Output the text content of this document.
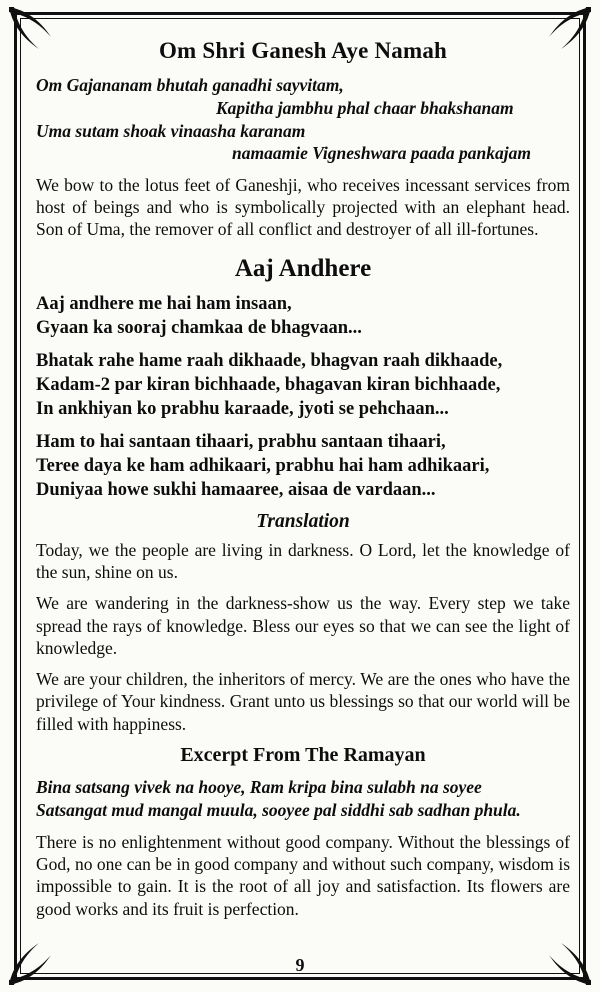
Om Shri Ganesh Aye Namah
Om Gajananam bhutah ganadhi sayvitam,
Kapitha jambhu phal chaar bhakshanam
Uma sutam shoak vinaasha karanam
namaamie Vigneshwara paada pankajam

We bow to the lotus feet of Ganeshji, who receives incessant services from host of beings and who is symbolically projected with an elephant head. Son of Uma, the remover of all conflict and destroyer of all ill-fortunes.

Aaj Andhere
Aaj andhere me hai ham insaan,
Gyaan ka sooraj chamkaa de bhagvaan...
Bhatak rahe hame raah dikhaade, bhagvan raah dikhaade,
Kadam-2 par kiran bichhaade, bhagavan kiran bichhaade,
In ankhiyan ko prabhu karaade, jyoti se pehchaan...
Ham to hai santaan tihaari, prabhu santaan tihaari,
Teree daya ke ham adhikaari, prabhu hai ham adhikaari,
Duniyaa howe sukhi hamaaree, aisaa de vardaan...
Translation

Today, we the people are living in darkness. O Lord, let the knowledge of the sun, shine on us.

We are wandering in the darkness-show us the way. Every step we take spread the rays of knowledge. Bless our eyes so that we can see the light of knowledge.

We are your children, the inheritors of mercy. We are the ones who have the privilege of Your kindness. Grant unto us blessings so that our world will be filled with happiness.

Excerpt From The Ramayan
Bina satsang vivek na hooye, Ram kripa bina sulabh na soyee
Satsangat mud mangal muula, sooyee pal siddhi sab sadhan phula.

There is no enlightenment without good company. Without the blessings of God, no one can be in good company and without such company, wisdom is impossible to gain. It is the root of all joy and satisfaction. Its flowers are good works and its fruit is perfection.

9
